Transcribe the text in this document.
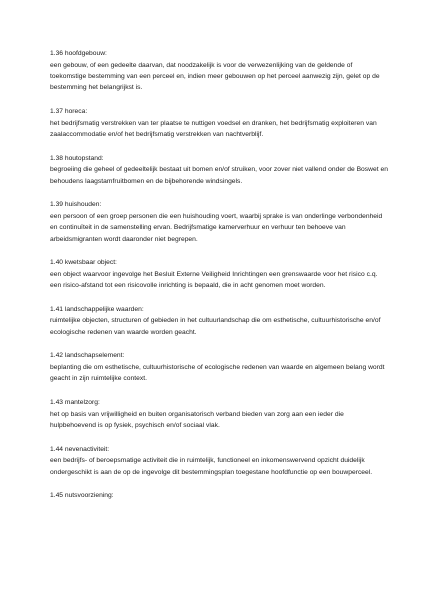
1.36 hoofdgebouw:
een gebouw, of een gedeelte daarvan, dat noodzakelijk is voor de verwezenlijking van de geldende of
toekomstige bestemming van een perceel en, indien meer gebouwen op het perceel aanwezig zijn, gelet op de
bestemming het belangrijkst is.
1.37 horeca:
het bedrijfsmatig verstrekken van ter plaatse te nuttigen voedsel en dranken, het bedrijfsmatig exploiteren van
zaalaccommodatie en/of het bedrijfsmatig verstrekken van nachtverblijf.
1.38 houtopstand:
begroeiing die geheel of gedeeltelijk bestaat uit bomen en/of struiken, voor zover niet vallend onder de Boswet en
behoudens laagstamfruitbomen en de bijbehorende windsingels.
1.39 huishouden:
een persoon of een groep personen die een huishouding voert, waarbij sprake is van onderlinge verbondenheid
en continuïteit in de samenstelling ervan. Bedrijfsmatige kamerverhuur en verhuur ten behoeve van
arbeidsmigranten wordt daaronder niet begrepen.
1.40 kwetsbaar object:
een object waarvoor ingevolge het Besluit Externe Veiligheid Inrichtingen een grenswaarde voor het risico c.q.
een risico-afstand tot een risicovolle inrichting is bepaald, die in acht genomen moet worden.
1.41 landschappelijke waarden:
ruimtelijke objecten, structuren of gebieden in het cultuurlandschap die om esthetische, cultuurhistorische en/of
ecologische redenen van waarde worden geacht.
1.42 landschapselement:
beplanting die om esthetische, cultuurhistorische of ecologische redenen van waarde en algemeen belang wordt
geacht in zijn ruimtelijke context.
1.43 mantelzorg:
het op basis van vrijwilligheid en buiten organisatorisch verband bieden van zorg aan een ieder die
hulpbehoevend is op fysiek, psychisch en/of sociaal vlak.
1.44 nevenactiviteit:
een bedrijfs- of beroepsmatige activiteit die in ruimtelijk, functioneel en inkomenswervend opzicht duidelijk
ondergeschikt is aan de op de ingevolge dit bestemmingsplan toegestane hoofdfunctie op een bouwperceel.
1.45 nutsvoorziening:
